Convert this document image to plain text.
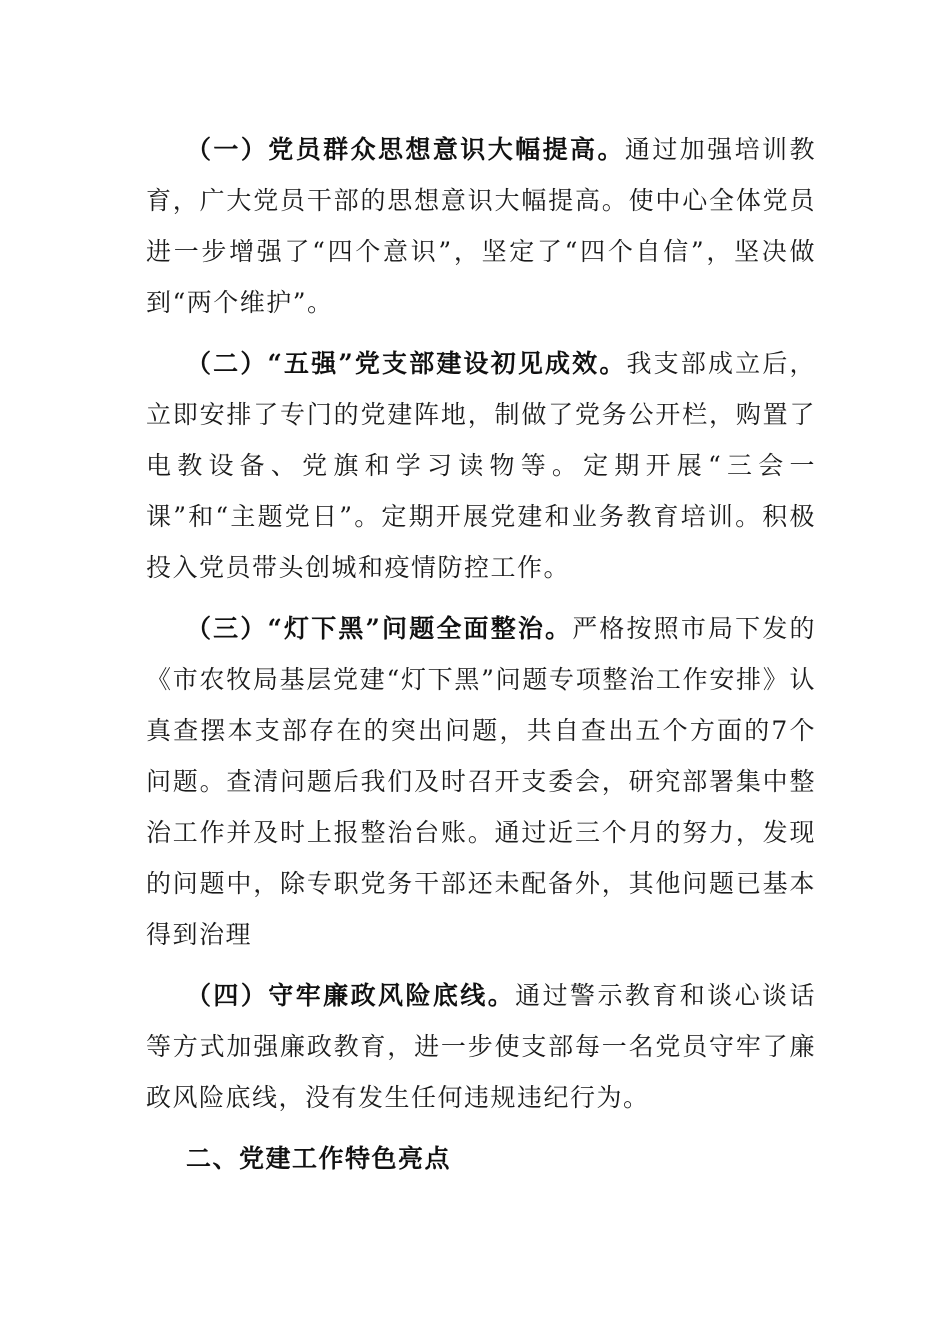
（一）党员群众思想意识大幅提高。通过加强培训教育，广大党员干部的思想意识大幅提高。使中心全体党员进一步增强了“四个意识”，坚定了“四个自信”，坚决做到“两个维护”。

（二）“五强”党支部建设初见成效。我支部成立后，立即安排了专门的党建阵地，制做了党务公开栏，购置了电教设备、党旗和学习读物等。定期开展“三会一课”和“主题党日”。定期开展党建和业务教育培训。积极投入党员带头创城和疫情防控工作。

（三）“灯下黑”问题全面整治。严格按照市局下发的《市农牧局基层党建“灯下黑”问题专项整治工作安排》认真查摆本支部存在的突出问题，共自查出五个方面的7个问题。查清问题后我们及时召开支委会，研究部署集中整治工作并及时上报整治台账。通过近三个月的努力，发现的问题中，除专职党务干部还未配备外，其他问题已基本得到治理

（四）守牢廉政风险底线。通过警示教育和谈心谈话等方式加强廉政教育，进一步使支部每一名党员守牢了廉政风险底线，没有发生任何违规违纪行为。

二、党建工作特色亮点
